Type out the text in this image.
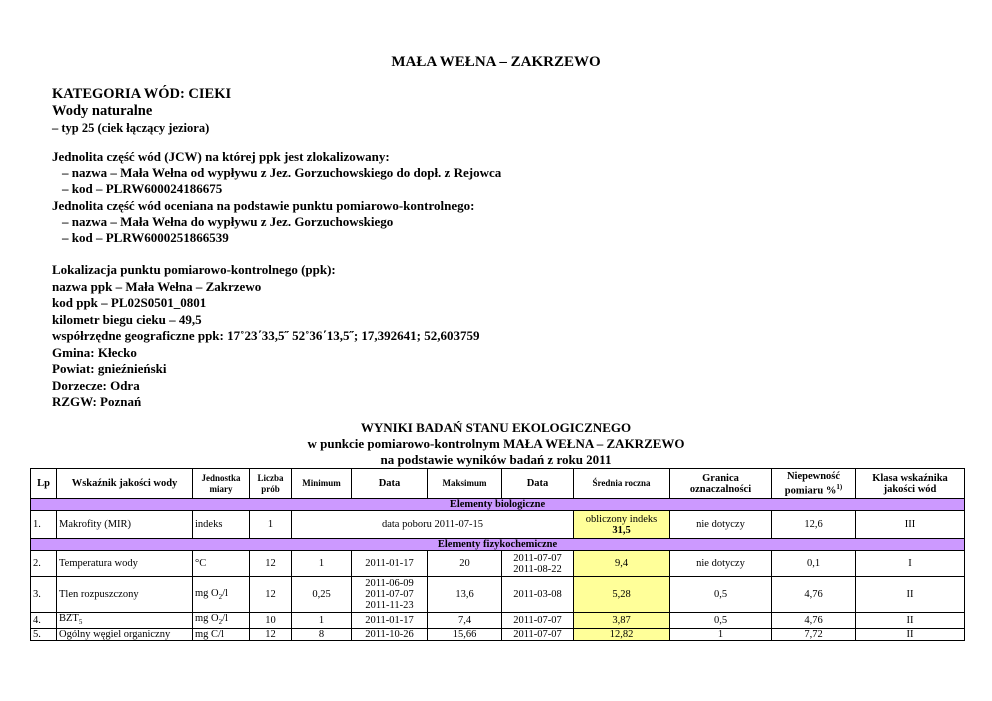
MAŁA WEŁNA – ZAKRZEWO
KATEGORIA WÓD: CIEKI
Wody naturalne
– typ 25 (ciek łączący jeziora)
Jednolita część wód (JCW) na której ppk jest zlokalizowany:
– nazwa – Mała Wełna od wypływu z Jez. Gorzuchowskiego do dopł. z Rejowca
– kod – PLRW600024186675
Jednolita część wód oceniana na podstawie punktu pomiarowo-kontrolnego:
– nazwa – Mała Wełna do wypływu z Jez. Gorzuchowskiego
– kod – PLRW6000251866539
Lokalizacja punktu pomiarowo-kontrolnego (ppk):
nazwa ppk – Mała Wełna – Zakrzewo
kod ppk – PL02S0501_0801
kilometr biegu cieku – 49,5
współrzędne geograficzne ppk: 17˚23΄33,5˝ 52˚36΄13,5˝; 17,392641; 52,603759
Gmina: Kłecko
Powiat: gnieźnieński
Dorzecze: Odra
RZGW: Poznań
WYNIKI BADAŃ STANU EKOLOGICZNEGO
w punkcie pomiarowo-kontrolnym MAŁA WEŁNA – ZAKRZEWO
na podstawie wyników badań z roku 2011
Lp	Wskaźnik jakości wody	Jednostka miary	Liczba prób	Minimum	Data	Maksimum	Data	Średnia roczna	Granica oznaczalności	Niepewność pomiaru %$^{1)}$	Klasa wskaźnika jakości wód
Elementy biologiczne											
1.	Makrofity (MIR)	indeks	1	data poboru 2011-07-15				obliczony indeks
31,5	nie dotyczy	12,6	III
Elementy fizykochemiczne											
2.	Temperatura wody	°C	12	1	2011-01-17	20	2011-07-07
2011-08-22	9,4	nie dotyczy	0,1	I
3.	Tlen rozpuszczony	mg $O_2/l$	12	0,25	2011-06-09
2011-07-07
2011-11-23	13,6	2011-03-08	5,28	0,5	4,76	II
4.	$BZT_5$	mg $O_2/l$	10	1	2011-01-17	7,4	2011-07-07	3,87	0,5	4,76	II
5.	Ogólny węgiel organiczny	mg C/l	12	8	2011-10-26	15,66	2011-07-07	12,82	1	7,72	II
